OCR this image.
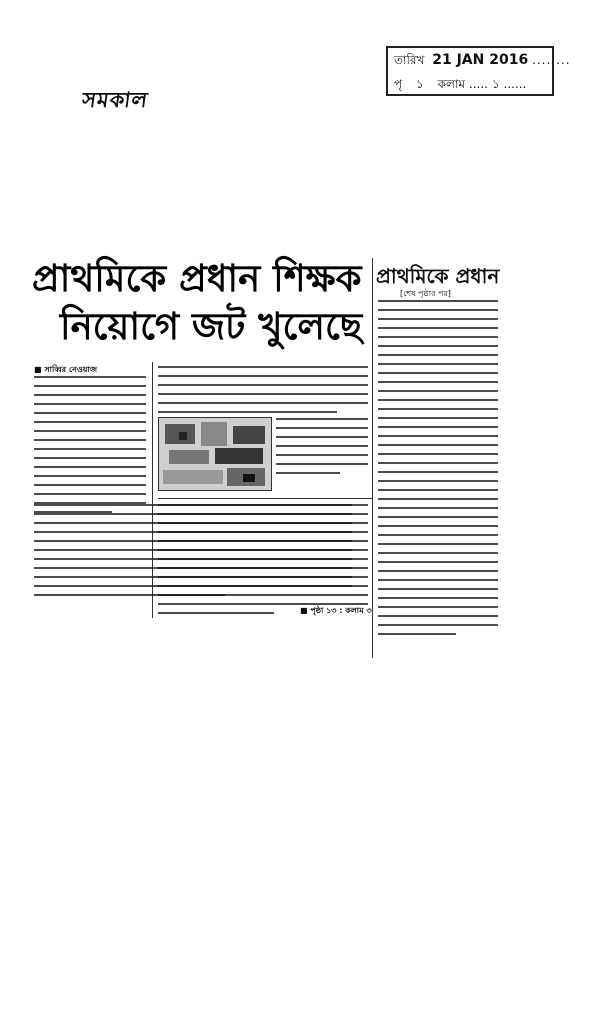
তারিখ 21 JAN 2016 ........
পৃ ১ কলাম ..... ১ ......
সমকাল
প্রাথমিকে প্রধান শিক্ষক
নিয়োগে জট খুলেছে
প্রাথমিকে প্রধান
[শেষ পৃষ্ঠার পর]
■ সাব্বির নেওয়াজ
■ পৃষ্ঠা ১৩ : কলাম ৩
